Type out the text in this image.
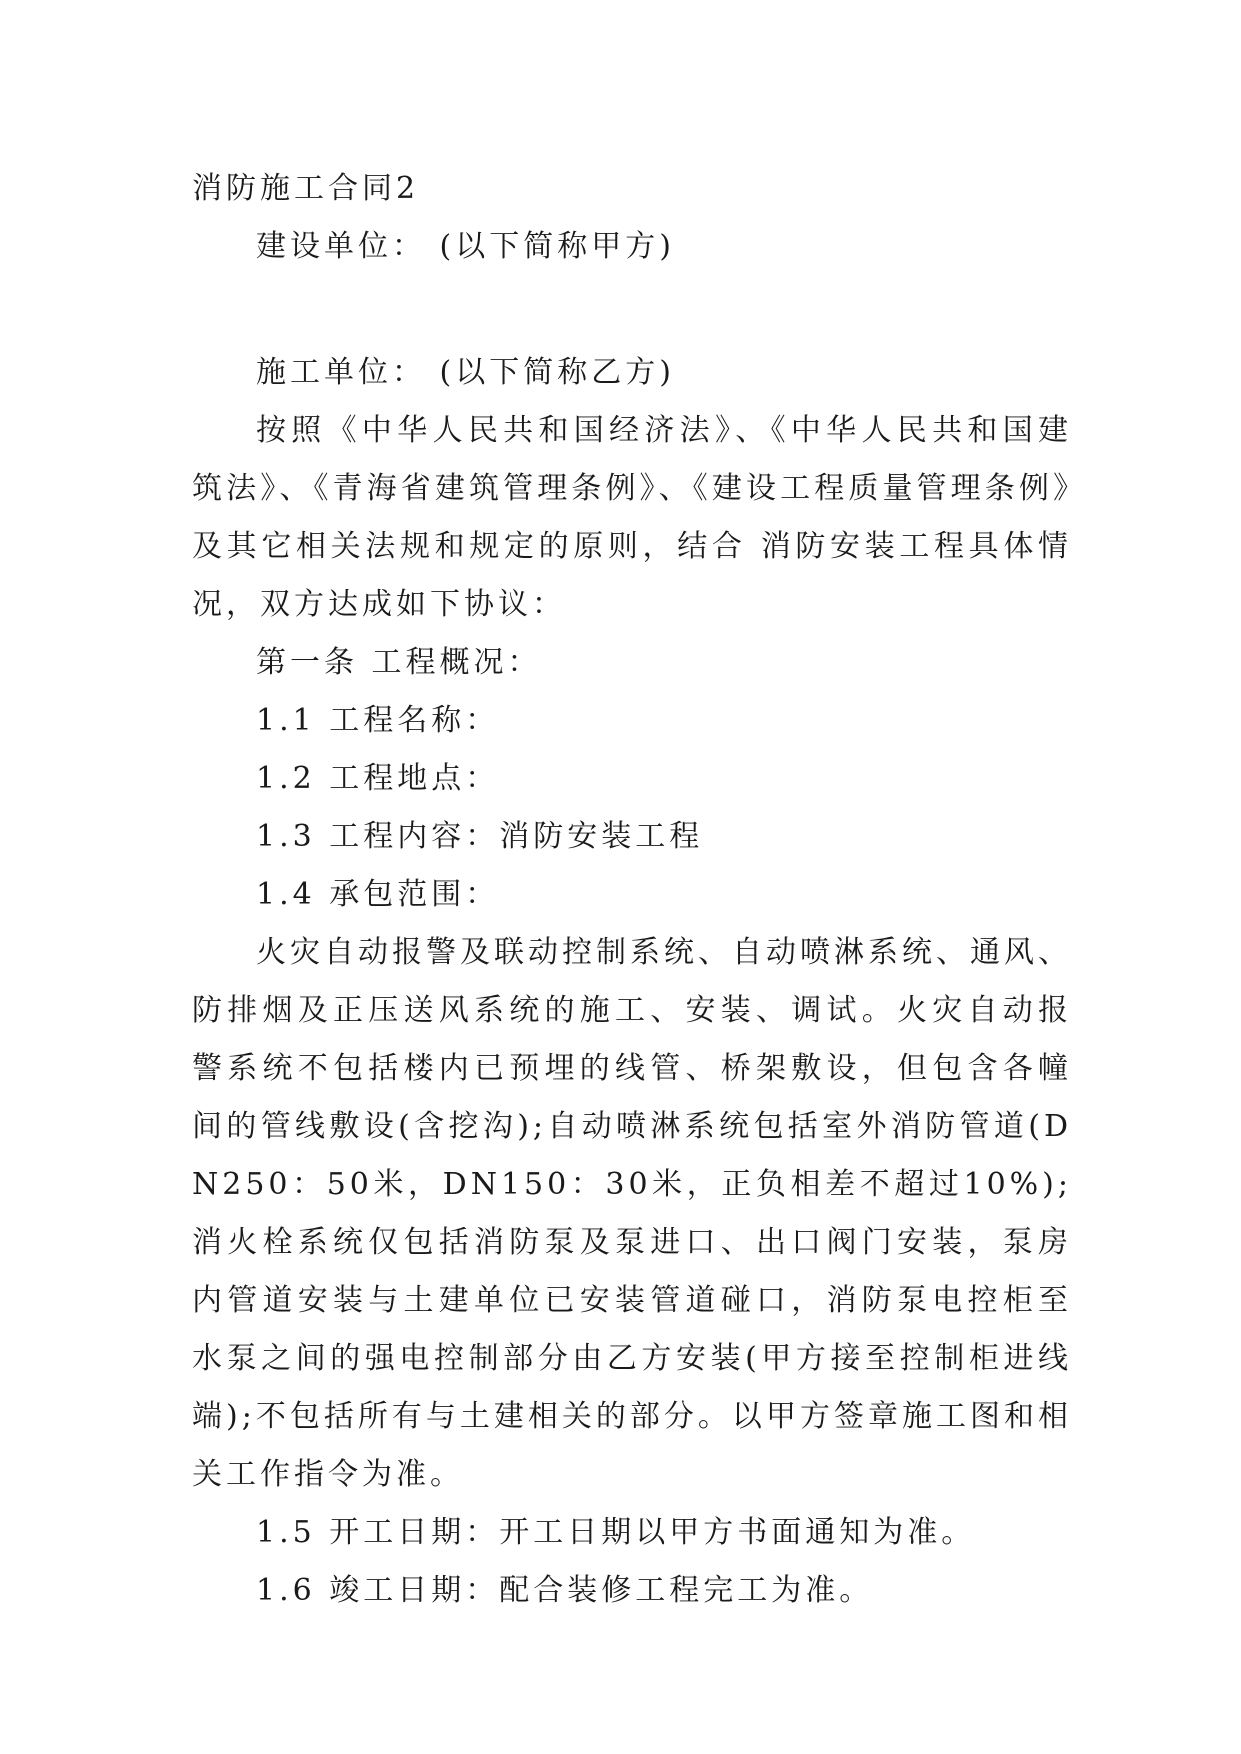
消防施工合同2

建设单位： (以下简称甲方)

施工单位： (以下简称乙方)

按照《中华人民共和国经济法》、《中华人民共和国建筑法》、《青海省建筑管理条例》、《建设工程质量管理条例》及其它相关法规和规定的原则，结合 消防安装工程具体情况，双方达成如下协议：

第一条 工程概况：

1.1 工程名称：

1.2 工程地点：

1.3 工程内容：消防安装工程

1.4 承包范围：

火灾自动报警及联动控制系统、自动喷淋系统、通风、防排烟及正压送风系统的施工、安装、调试。火灾自动报警系统不包括楼内已预埋的线管、桥架敷设，但包含各幢间的管线敷设(含挖沟);自动喷淋系统包括室外消防管道(DN250：50米，DN150：30米，正负相差不超过10%);消火栓系统仅包括消防泵及泵进口、出口阀门安装，泵房内管道安装与土建单位已安装管道碰口，消防泵电控柜至水泵之间的强电控制部分由乙方安装(甲方接至控制柜进线端);不包括所有与土建相关的部分。以甲方签章施工图和相关工作指令为准。

1.5 开工日期：开工日期以甲方书面通知为准。

1.6 竣工日期：配合装修工程完工为准。
